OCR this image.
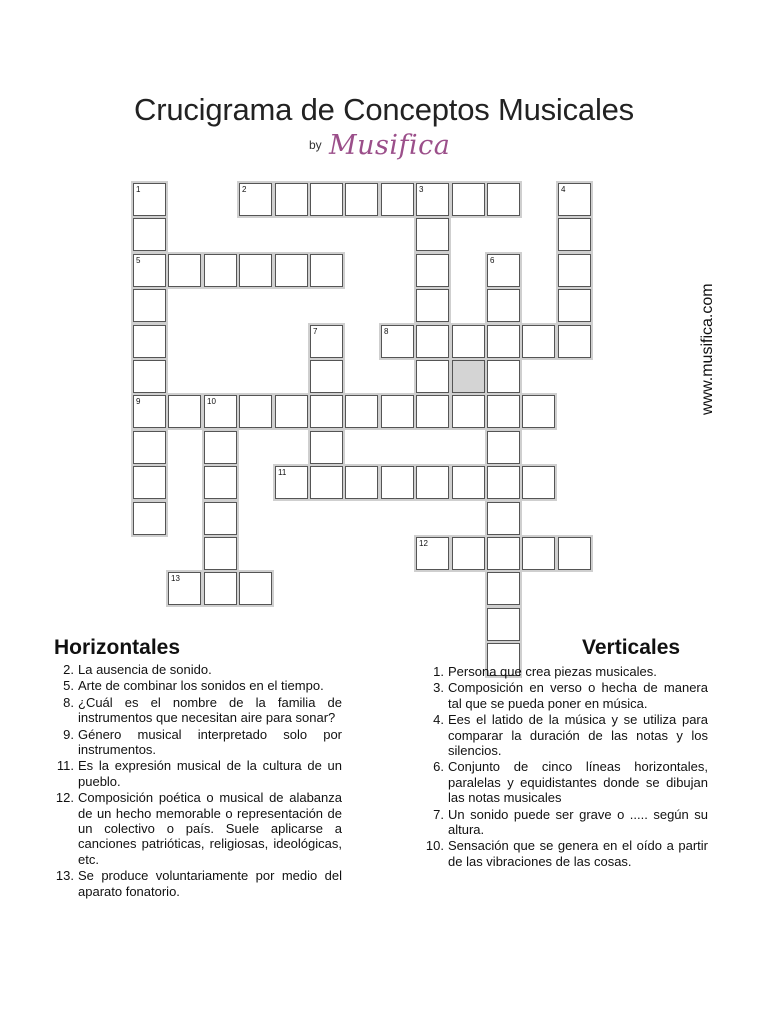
Crucigrama de Conceptos Musicales
by Musifica
www.musifica.com
2	3
1
5
9
4
6
7	8
10
11
12
13
Horizontales
2. La ausencia de sonido.
5. Arte de combinar los sonidos en el tiempo.
8. ¿Cuál es el nombre de la familia de instrumentos que necesitan aire para sonar?
9. Género musical interpretado solo por instrumentos.
11. Es la expresión musical de la cultura de un pueblo.
12. Composición poética o musical de alabanza de un hecho memorable o representación de un colectivo o país. Suele aplicarse a canciones patrióticas, religiosas, ideológicas, etc.
13. Se produce voluntariamente por medio del aparato fonatorio.
Verticales
1. Persona que crea piezas musicales.
3. Composición en verso o hecha de manera tal que se pueda poner en música.
4. Ees el latido de la música y se utiliza para comparar la duración de las notas y los silencios.
6. Conjunto de cinco líneas horizontales, paralelas y equidistantes donde se dibujan las notas musicales
7. Un sonido puede ser grave o ..... según su altura.
10. Sensación que se genera en el oído a partir de las vibraciones de las cosas.
